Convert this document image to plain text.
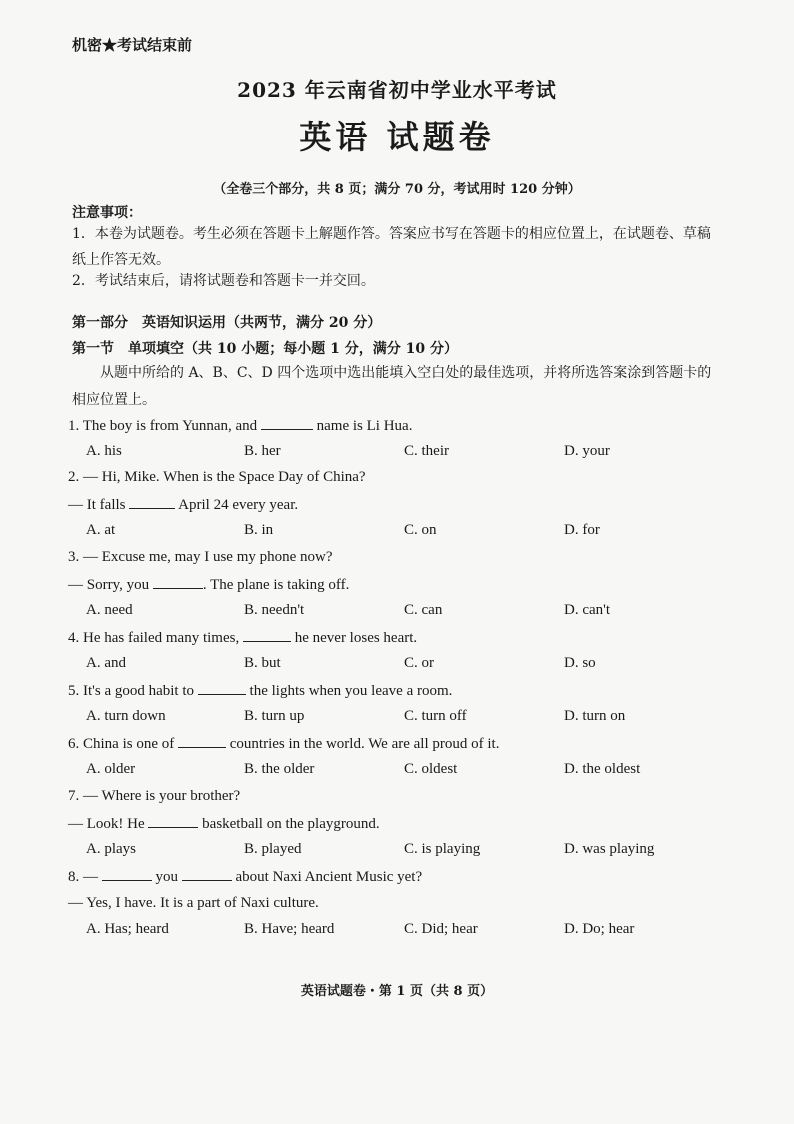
机密★考试结束前
2023 年云南省初中学业水平考试
英语 试题卷
（全卷三个部分，共 8 页；满分 70 分，考试用时 120 分钟）
注意事项：
1．本卷为试题卷。考生必须在答题卡上解题作答。答案应书写在答题卡的相应位置上，在试题卷、草稿纸上作答无效。
2．考试结束后，请将试题卷和答题卡一并交回。
第一部分　英语知识运用（共两节，满分 20 分）
第一节　单项填空（共 10 小题；每小题 1 分，满分 10 分）
从题中所给的 A、B、C、D 四个选项中选出能填入空白处的最佳选项，并将所选答案涂到答题卡的相应位置上。
1. The boy is from Yunnan, and	name is Li Hua.
A. his	B. her	C. their	D. your
2. — Hi, Mike. When is the Space Day of China?
— It falls	April 24 every year.
A. at	B. in	C. on	D. for
3. — Excuse me, may I use my phone now?
— Sorry, you	. The plane is taking off.
A. need	B. needn't	C. can	D. can't
4. He has failed many times,	he never loses heart.
A. and	B. but	C. or	D. so
5. It's a good habit to	the lights when you leave a room.
A. turn down	B. turn up	C. turn off	D. turn on
6. China is one of	countries in the world. We are all proud of it.
A. older	B. the older	C. oldest	D. the oldest
7. — Where is your brother?
— Look! He	basketball on the playground.
A. plays	B. played	C. is playing	D. was playing
8. —	you	about Naxi Ancient Music yet?
— Yes, I have. It is a part of Naxi culture.
A. Has; heard	B. Have; heard	C. Did; hear	D. Do; hear
英语试题卷・第 1 页（共 8 页）
